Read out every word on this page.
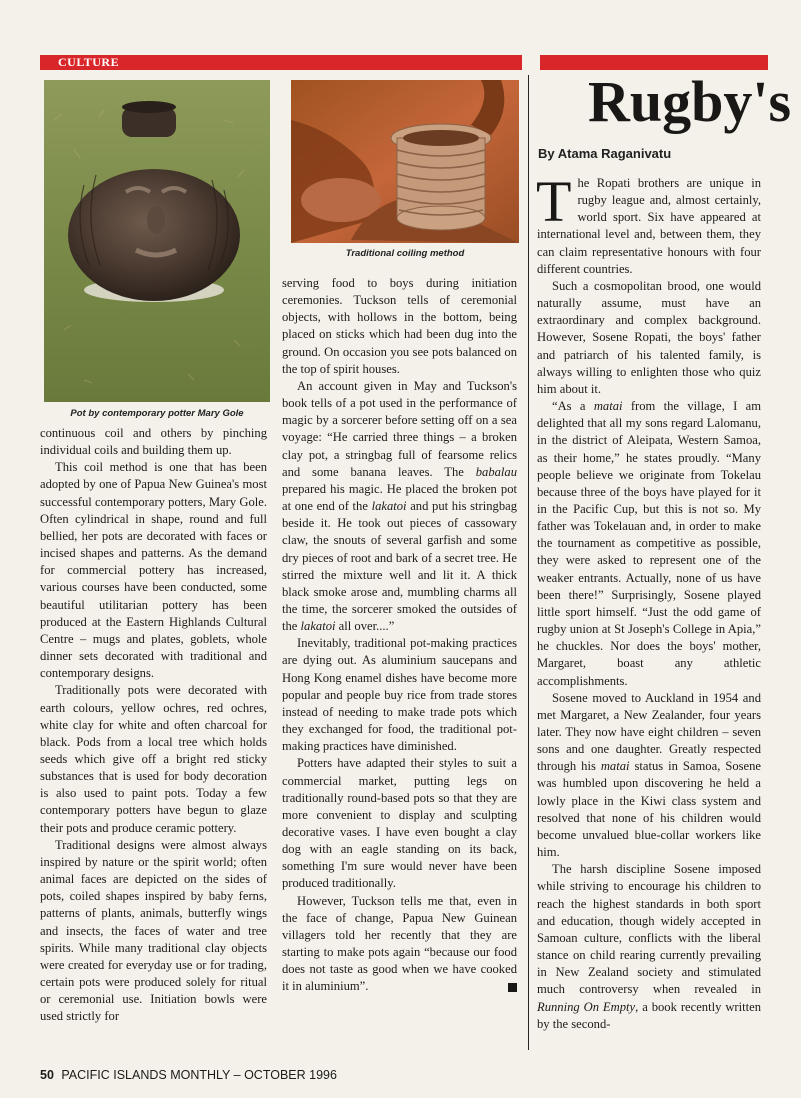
CULTURE
Pot by contemporary potter Mary Gole
Traditional coiling method

continuous coil and others by pinching individual coils and building them up.

This coil method is one that has been adopted by one of Papua New Guinea's most successful contemporary potters, Mary Gole. Often cylindrical in shape, round and full bellied, her pots are decorated with faces or incised shapes and patterns. As the demand for commercial pottery has increased, various courses have been conducted, some beautiful utilitarian pottery has been produced at the Eastern Highlands Cultural Centre – mugs and plates, goblets, whole dinner sets decorated with traditional and contemporary designs.

Traditionally pots were decorated with earth colours, yellow ochres, red ochres, white clay for white and often charcoal for black. Pods from a local tree which holds seeds which give off a bright red sticky substances that is used for body decoration is also used to paint pots. Today a few contemporary potters have begun to glaze their pots and produce ceramic pottery.

Traditional designs were almost always inspired by nature or the spirit world; often animal faces are depicted on the sides of pots, coiled shapes inspired by baby ferns, patterns of plants, animals, butterfly wings and insects, the faces of water and tree spirits. While many traditional clay objects were created for everyday use or for trading, certain pots were produced solely for ritual or ceremonial use. Initiation bowls were used strictly for

serving food to boys during initiation ceremonies. Tuckson tells of ceremonial objects, with hollows in the bottom, being placed on sticks which had been dug into the ground. On occasion you see pots balanced on the top of spirit houses.

An account given in May and Tuckson's book tells of a pot used in the performance of magic by a sorcerer before setting off on a sea voyage: “He carried three things – a broken clay pot, a stringbag full of fearsome relics and some banana leaves. The babalau prepared his magic. He placed the broken pot at one end of the lakatoi and put his stringbag beside it. He took out pieces of cassowary claw, the snouts of several garfish and some dry pieces of root and bark of a secret tree. He stirred the mixture well and lit it. A thick black smoke arose and, mumbling charms all the time, the sorcerer smoked the outsides of the lakatoi all over....”

Inevitably, traditional pot-making practices are dying out. As aluminium saucepans and Hong Kong enamel dishes have become more popular and people buy rice from trade stores instead of needing to make trade pots which they exchanged for food, the traditional pot-making practices have diminished.

Potters have adapted their styles to suit a commercial market, putting legs on traditionally round-based pots so that they are more convenient to display and sculpting decorative vases. I have even bought a clay dog with an eagle standing on its back, something I'm sure would never have been produced traditionally.

However, Tuckson tells me that, even in the face of change, Papua New Guinean villagers told her recently that they are starting to make pots again “because our food does not taste as good when we have cooked it in aluminium”.

Rugby's
By Atama Raganivatu

The Ropati brothers are unique in rugby league and, almost certainly, world sport. Six have appeared at international level and, between them, they can claim representative honours with four different countries.

Such a cosmopolitan brood, one would naturally assume, must have an extraordinary and complex background. However, Sosene Ropati, the boys' father and patriarch of his talented family, is always willing to enlighten those who quiz him about it.

“As a matai from the village, I am delighted that all my sons regard Lalomanu, in the district of Aleipata, Western Samoa, as their home,” he states proudly. “Many people believe we originate from Tokelau because three of the boys have played for it in the Pacific Cup, but this is not so. My father was Tokelauan and, in order to make the tournament as competitive as possible, they were asked to represent one of the weaker entrants. Actually, none of us have been there!” Surprisingly, Sosene played little sport himself. “Just the odd game of rugby union at St Joseph's College in Apia,” he chuckles. Nor does the boys' mother, Margaret, boast any athletic accomplishments.

Sosene moved to Auckland in 1954 and met Margaret, a New Zealander, four years later. They now have eight children – seven sons and one daughter. Greatly respected through his matai status in Samoa, Sosene was humbled upon discovering he held a lowly place in the Kiwi class system and resolved that none of his children would become unvalued blue-collar workers like him.

The harsh discipline Sosene imposed while striving to encourage his children to reach the highest standards in both sport and education, though widely accepted in Samoan culture, conflicts with the liberal stance on child rearing currently prevailing in New Zealand society and stimulated much controversy when revealed in Running On Empty, a book recently written by the second-

50 PACIFIC ISLANDS MONTHLY – OCTOBER 1996
